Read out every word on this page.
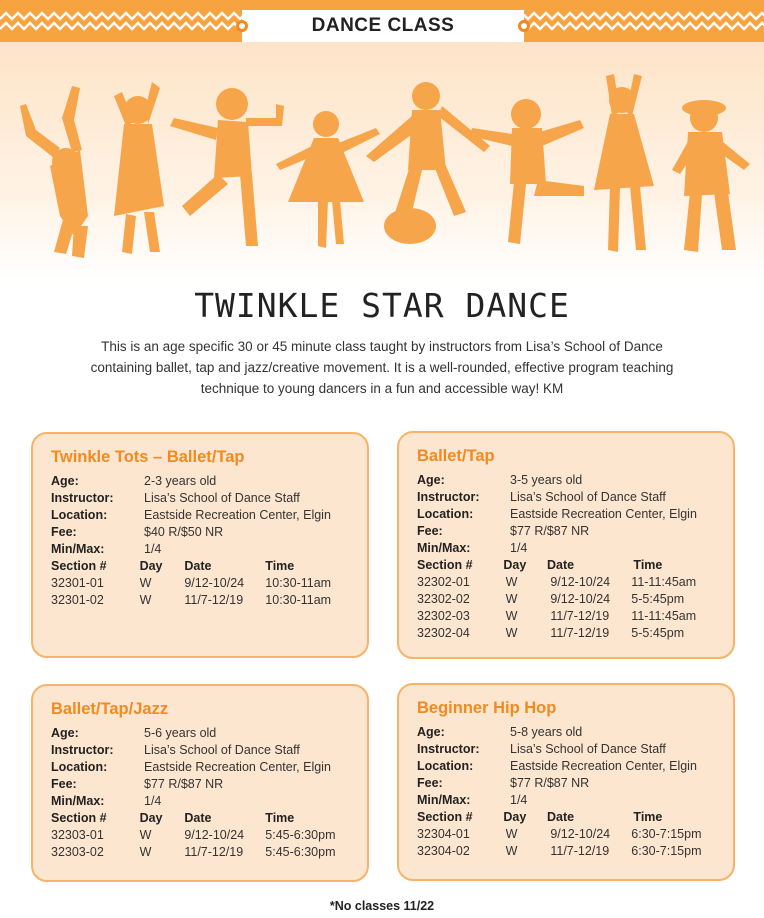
DANCE CLASS
TWINKLE STAR DANCE
This is an age specific 30 or 45 minute class taught by instructors from Lisa’s School of Dance containing ballet, tap and jazz/creative movement. It is a well-rounded, effective program teaching technique to young dancers in a fun and accessible way! KM
Twinkle Tots – Ballet/Tap
Age:	2-3 years old
Instructor:	Lisa’s School of Dance Staff
Location:	Eastside Recreation Center, Elgin
Fee:	$40 R/$50 NR
Min/Max:	1/4
Section #	Day	Date	Time
32301-01	W	9/12-10/24	10:30-11am
32301-02	W	11/7-12/19	10:30-11am
Ballet/Tap
Age:	3-5 years old
Instructor:	Lisa’s School of Dance Staff
Location:	Eastside Recreation Center, Elgin
Fee:	$77 R/$87 NR
Min/Max:	1/4
Section #	Day	Date	Time
32302-01	W	9/12-10/24	11-11:45am
32302-02	W	9/12-10/24	5-5:45pm
32302-03	W	11/7-12/19	11-11:45am
32302-04	W	11/7-12/19	5-5:45pm
Ballet/Tap/Jazz
Age:	5-6 years old
Instructor:	Lisa’s School of Dance Staff
Location:	Eastside Recreation Center, Elgin
Fee:	$77 R/$87 NR
Min/Max:	1/4
Section #	Day	Date	Time
32303-01	W	9/12-10/24	5:45-6:30pm
32303-02	W	11/7-12/19	5:45-6:30pm
Beginner Hip Hop
Age:	5-8 years old
Instructor:	Lisa’s School of Dance Staff
Location:	Eastside Recreation Center, Elgin
Fee:	$77 R/$87 NR
Min/Max:	1/4
Section #	Day	Date	Time
32304-01	W	9/12-10/24	6:30-7:15pm
32304-02	W	11/7-12/19	6:30-7:15pm
*No classes 11/22
